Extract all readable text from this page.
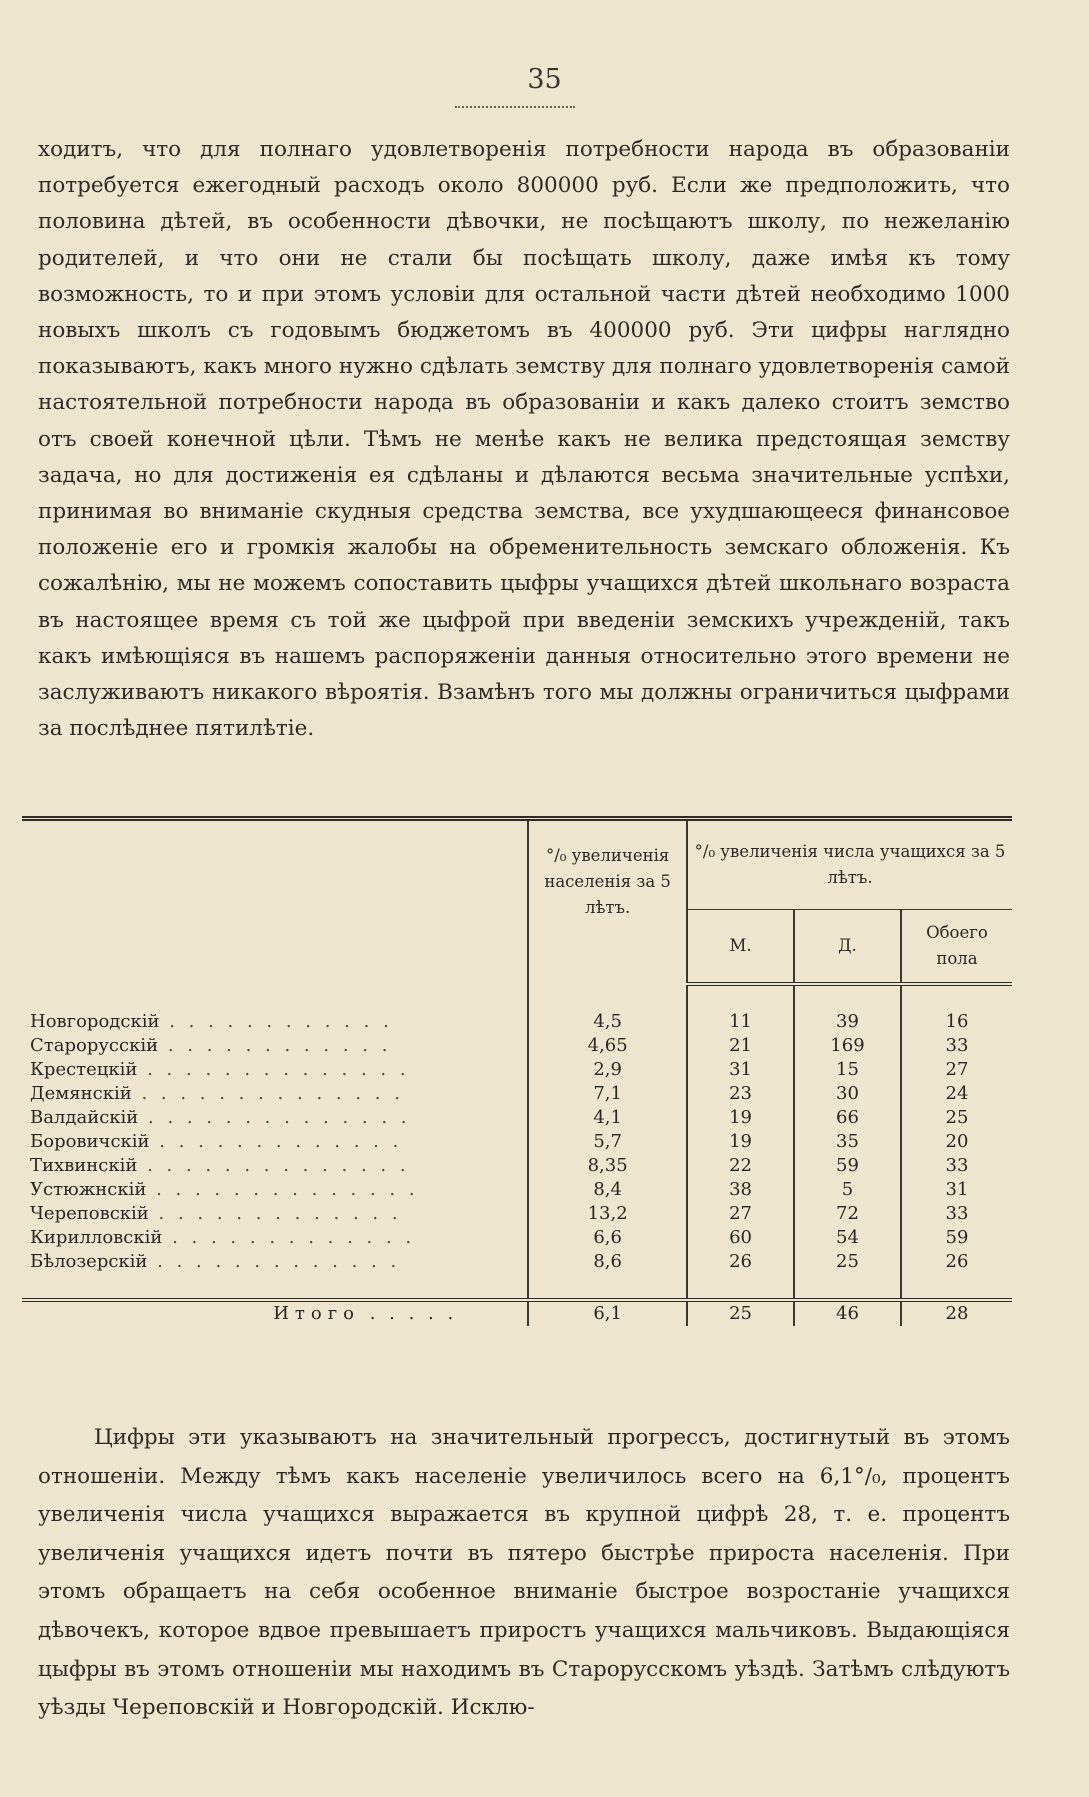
35
ходитъ, что для полнаго удовлетворенія потребности народа въ образованіи потребуется ежегодный расходъ около 800000 руб. Если же предположить, что половина дѣтей, въ особенности дѣвочки, не посѣщаютъ школу, по нежеланію родителей, и что они не стали бы посѣщать школу, даже имѣя къ тому возможность, то и при этомъ условіи для остальной части дѣтей необходимо 1000 новыхъ школъ съ годовымъ бюджетомъ въ 400000 руб. Эти цифры наглядно показываютъ, какъ много нужно сдѣлать земству для полнаго удовлетворенія самой настоятельной потребности народа въ образованіи и какъ далеко стоитъ земство отъ своей конечной цѣли. Тѣмъ не менѣе какъ не велика предстоящая земству задача, но для достиженія ея сдѣланы и дѣлаются весьма значительные успѣхи, принимая во вниманіе скудныя средства земства, все ухудшающееся финансовое положеніе его и громкія жалобы на обременительность земскаго обложенія. Къ сожалѣнію, мы не можемъ сопоставить цыфры учащихся дѣтей школьнаго возраста въ настоящее время съ той же цыфрой при введеніи земскихъ учрежденій, такъ какъ имѣющіяся въ нашемъ распоряженіи данныя относительно этого времени не заслуживаютъ никакого вѣроятія. Взамѣнъ того мы должны ограничиться цыфрами за послѣднее пятилѣтіе.
	°/₀ увеличенія населенія за 5 лѣтъ.	°/₀ увеличенія числа учащихся за 5 лѣтъ.		
		М.	Д.	Обоего пола

Новгородскій . . . . . . . . . . . .	4,5	11	39	16
Старорусскій . . . . . . . . . . . .	4,65	21	169	33
Крестецкій . . . . . . . . . . . . . .	2,9	31	15	27
Демянскій . . . . . . . . . . . . . .	7,1	23	30	24
Валдайскій . . . . . . . . . . . . . .	4,1	19	66	25
Боровичскій . . . . . . . . . . . . .	5,7	19	35	20
Тихвинскій . . . . . . . . . . . . . .	8,35	22	59	33
Устюжнскій . . . . . . . . . . . . . .	8,4	38	5	31
Череповскій . . . . . . . . . . . . .	13,2	27	72	33
Кирилловскій . . . . . . . . . . . . .	6,6	60	54	59
Бѣлозерскій . . . . . . . . . . . . .	8,6	26	25	26

Итого . . . . .	6,1	25	46	28
Цифры эти указываютъ на значительный прогрессъ, достигнутый въ этомъ отношеніи. Между тѣмъ какъ населеніе увеличилось всего на 6,1°/₀, процентъ увеличенія числа учащихся выражается въ крупной цифрѣ 28, т. е. процентъ увеличенія учащихся идетъ почти въ пятеро быстрѣе прироста населенія. При этомъ обращаетъ на себя особенное вниманіе быстрое возростаніе учащихся дѣвочекъ, которое вдвое превышаетъ приростъ учащихся мальчиковъ. Выдающіяся цыфры въ этомъ отношеніи мы находимъ въ Старорусскомъ уѣздѣ. Затѣмъ слѣдуютъ уѣзды Череповскій и Новгородскій. Исклю-
